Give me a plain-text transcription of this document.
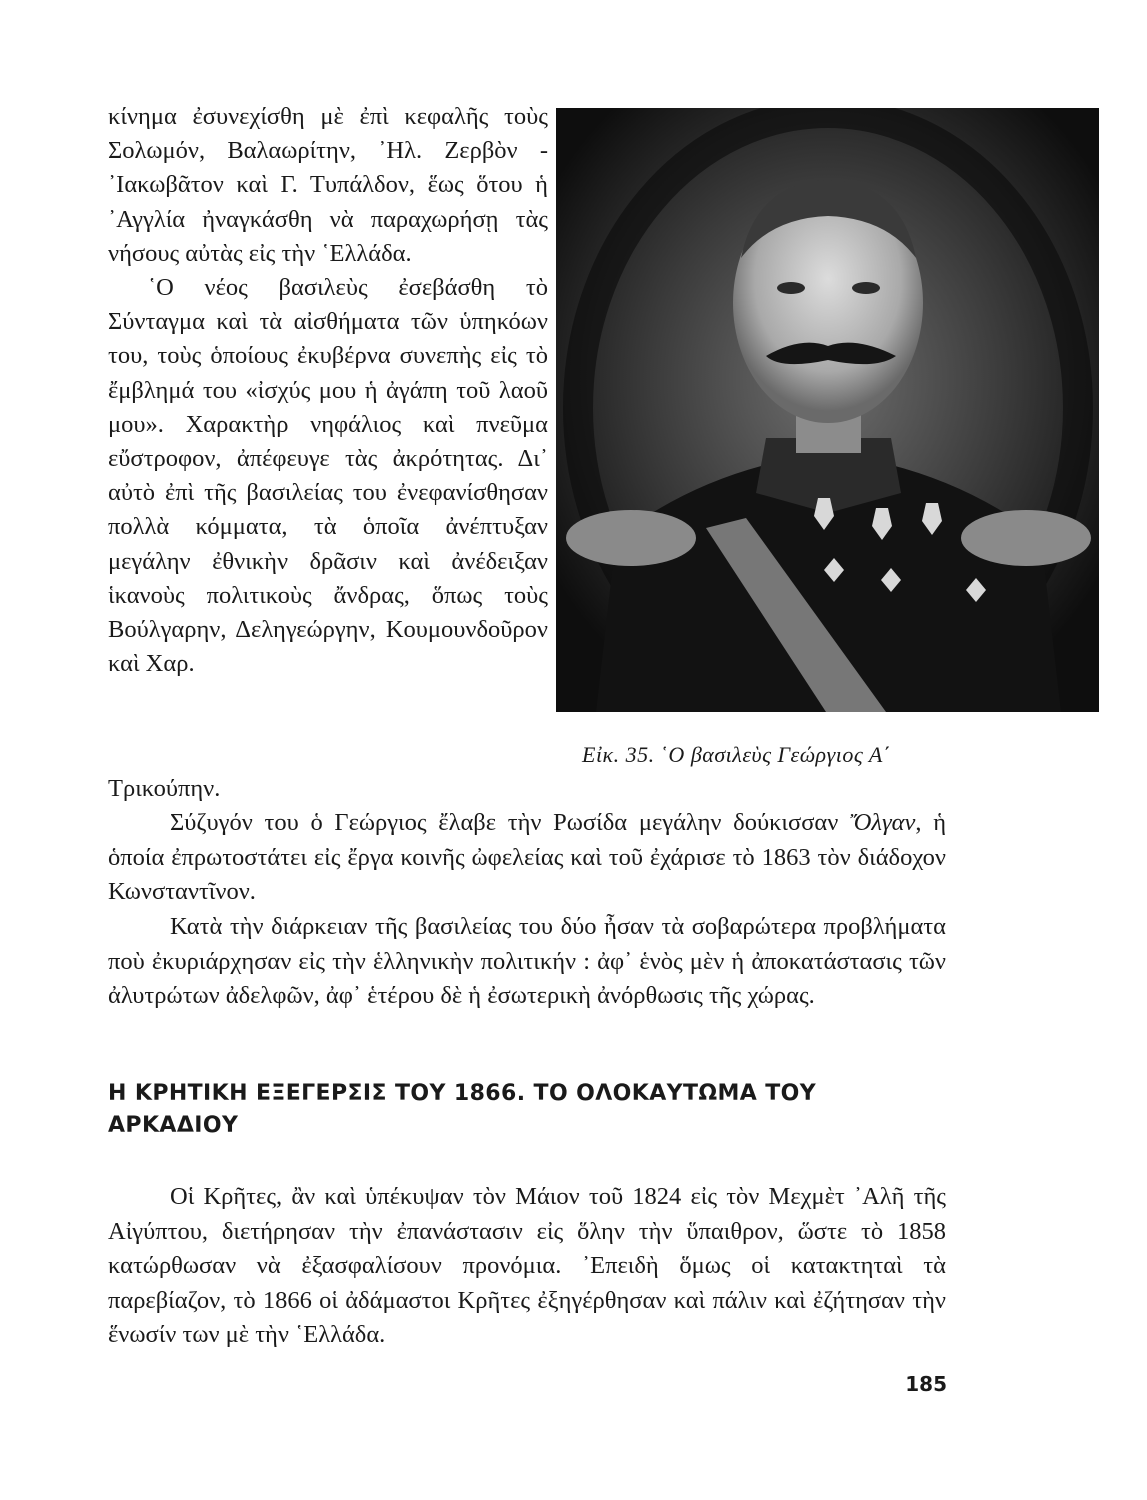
κίνημα ἐσυνεχίσθη μὲ ἐπὶ κεφαλῆς τοὺς Σολωμόν, Βαλαωρίτην, ᾿Ηλ. Ζερβὸν - ᾿Ιακωβᾶτον καὶ Γ. Τυπάλδον, ἕως ὅτου ἡ ᾿Αγγλία ἠναγκάσθη νὰ παραχωρήσῃ τὰς νήσους αὐτὰς εἰς τὴν ῾Ελλάδα.

῾Ο νέος βασιλεὺς ἐσεβάσθη τὸ Σύνταγμα καὶ τὰ αἰσθήματα τῶν ὑπηκόων του, τοὺς ὁποίους ἐκυβέρνα συνεπὴς εἰς τὸ ἔμβλημά του «ἰσχύς μου ἡ ἀγάπη τοῦ λαοῦ μου». Χαρακτὴρ νηφάλιος καὶ πνεῦμα εὔστροφον, ἀπέφευγε τὰς ἀκρότητας. Δι᾿ αὐτὸ ἐπὶ τῆς βασιλείας του ἐνεφανίσθησαν πολλὰ κόμματα, τὰ ὁποῖα ἀνέπτυξαν μεγάλην ἐθνικὴν δρᾶσιν καὶ ἀνέδειξαν ἱκανοὺς πολιτικοὺς ἄνδρας, ὅπως τοὺς Βούλγαρην, Δεληγεώργην, Κουμουνδοῦρον καὶ Χαρ.

Εἰκ. 35. ῾Ο βασιλεὺς Γεώργιος Α΄
Τρικούπην.

Σύζυγόν του ὁ Γεώργιος ἔλαβε τὴν Ρωσίδα μεγάλην δούκισσαν Ὄλγαν, ἡ ὁποία ἐπρωτοστάτει εἰς ἔργα κοινῆς ὠφελείας καὶ τοῦ ἐχάρισε τὸ 1863 τὸν διάδοχον Κωνσταντῖνον.

Κατὰ τὴν διάρκειαν τῆς βασιλείας του δύο ἦσαν τὰ σοβαρώτερα προβλήματα ποὺ ἐκυριάρχησαν εἰς τὴν ἑλληνικὴν πολιτικήν : ἀφ᾿ ἑνὸς μὲν ἡ ἀποκατάστασις τῶν ἀλυτρώτων ἀδελφῶν, ἀφ᾿ ἑτέρου δὲ ἡ ἐσωτερικὴ ἀνόρθωσις τῆς χώρας.

Η ΚΡΗΤΙΚΗ ΕΞΕΓΕΡΣΙΣ ΤΟΥ 1866. ΤΟ ΟΛΟΚΑΥΤΩΜΑ ΤΟΥ
ΑΡΚΑΔΙΟΥ

Οἱ Κρῆτες, ἂν καὶ ὑπέκυψαν τὸν Μάιον τοῦ 1824 εἰς τὸν Μεχμὲτ ᾿Αλῆ τῆς Αἰγύπτου, διετήρησαν τὴν ἐπανάστασιν εἰς ὅλην τὴν ὕπαιθρον, ὥστε τὸ 1858 κατώρθωσαν νὰ ἐξασφαλίσουν προνόμια. ᾿Επειδὴ ὅμως οἱ κατακτηταὶ τὰ παρεβίαζον, τὸ 1866 οἱ ἀδάμαστοι Κρῆτες ἐξηγέρθησαν καὶ πάλιν καὶ ἐζήτησαν τὴν ἕνωσίν των μὲ τὴν ῾Ελλάδα.

185
